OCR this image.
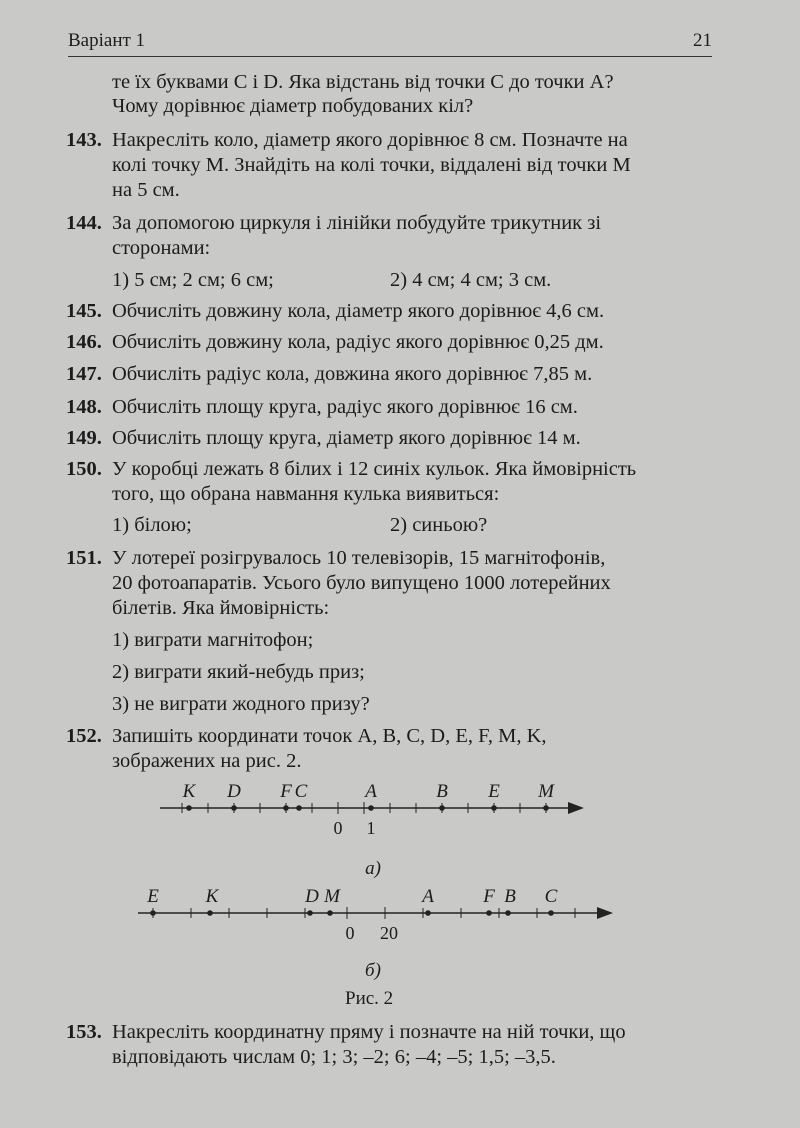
Варіант 1	21
те їх буквами C і D. Яка відстань від точки C до точки A?
Чому дорівнює діаметр побудованих кіл?
143. Накресліть коло, діаметр якого дорівнює 8 см. Позначте на
колі точку M. Знайдіть на колі точки, віддалені від точки M
на 5 см.
144. За допомогою циркуля і лінійки побудуйте трикутник зі
сторонами:
1) 5 см; 2 см; 6 см;	2) 4 см; 4 см; 3 см.
145. Обчисліть довжину кола, діаметр якого дорівнює 4,6 см.
146. Обчисліть довжину кола, радіус якого дорівнює 0,25 дм.
147. Обчисліть радіус кола, довжина якого дорівнює 7,85 м.
148. Обчисліть площу круга, радіус якого дорівнює 16 см.
149. Обчисліть площу круга, діаметр якого дорівнює 14 м.
150. У коробці лежать 8 білих і 12 синіх кульок. Яка ймовірність
того, що обрана навмання кулька виявиться:
1) білою;	2) синьою?
151. У лотереї розігрувалось 10 телевізорів, 15 магнітофонів,
20 фотоапаратів. Усього було випущено 1000 лотерейних
білетів. Яка ймовірність:
1) виграти магнітофон;
2) виграти який-небудь приз;
3) не виграти жодного призу?
152. Запишіть координати точок A, B, C, D, E, F, M, K,
зображених на рис. 2.
K D F C	A	B E M
0 1
а)
E K	D M	A	F B C
0 20
б)
Рис. 2
153. Накресліть координатну пряму і позначте на ній точки, що
відповідають числам 0; 1; 3; –2; 6; –4; –5; 1,5; –3,5.
